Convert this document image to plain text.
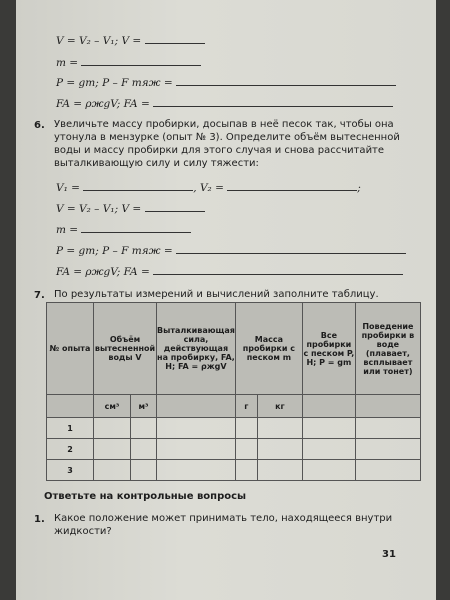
V = V₂ – V₁; V =
m =
P = gm; P – F тяж =
FA = ρжgV; FA =
6. Увеличьте массу пробирки, досыпав в неё песок так, чтобы она утонула в мензурке (опыт № 3). Определите объём вытесненной воды и массу пробирки для этого случая и снова рассчитайте выталкивающую силу и силу тяжести:
V₁ =	, V₂ =	;
V = V₂ – V₁; V =
m =
P = gm; P – F тяж =
FA = ρжgV; FA =
7. По результаты измерений и вычислений заполните таблицу.
№ опыта	Объём вытесненной воды V		Выталкивающая сила, действующая на пробирку, FA, Н; FA = ρжgV	Масса пробирки с песком m		Все пробирки с песком P, Н; P = gm	Поведение пробирки в воде (плавает, всплывает или тонет)
	см³	м³		г	кг		
1							
2							
3							
Ответьте на контрольные вопросы
1. Какое положение может принимать тело, находящееся внутри жидкости?
31
